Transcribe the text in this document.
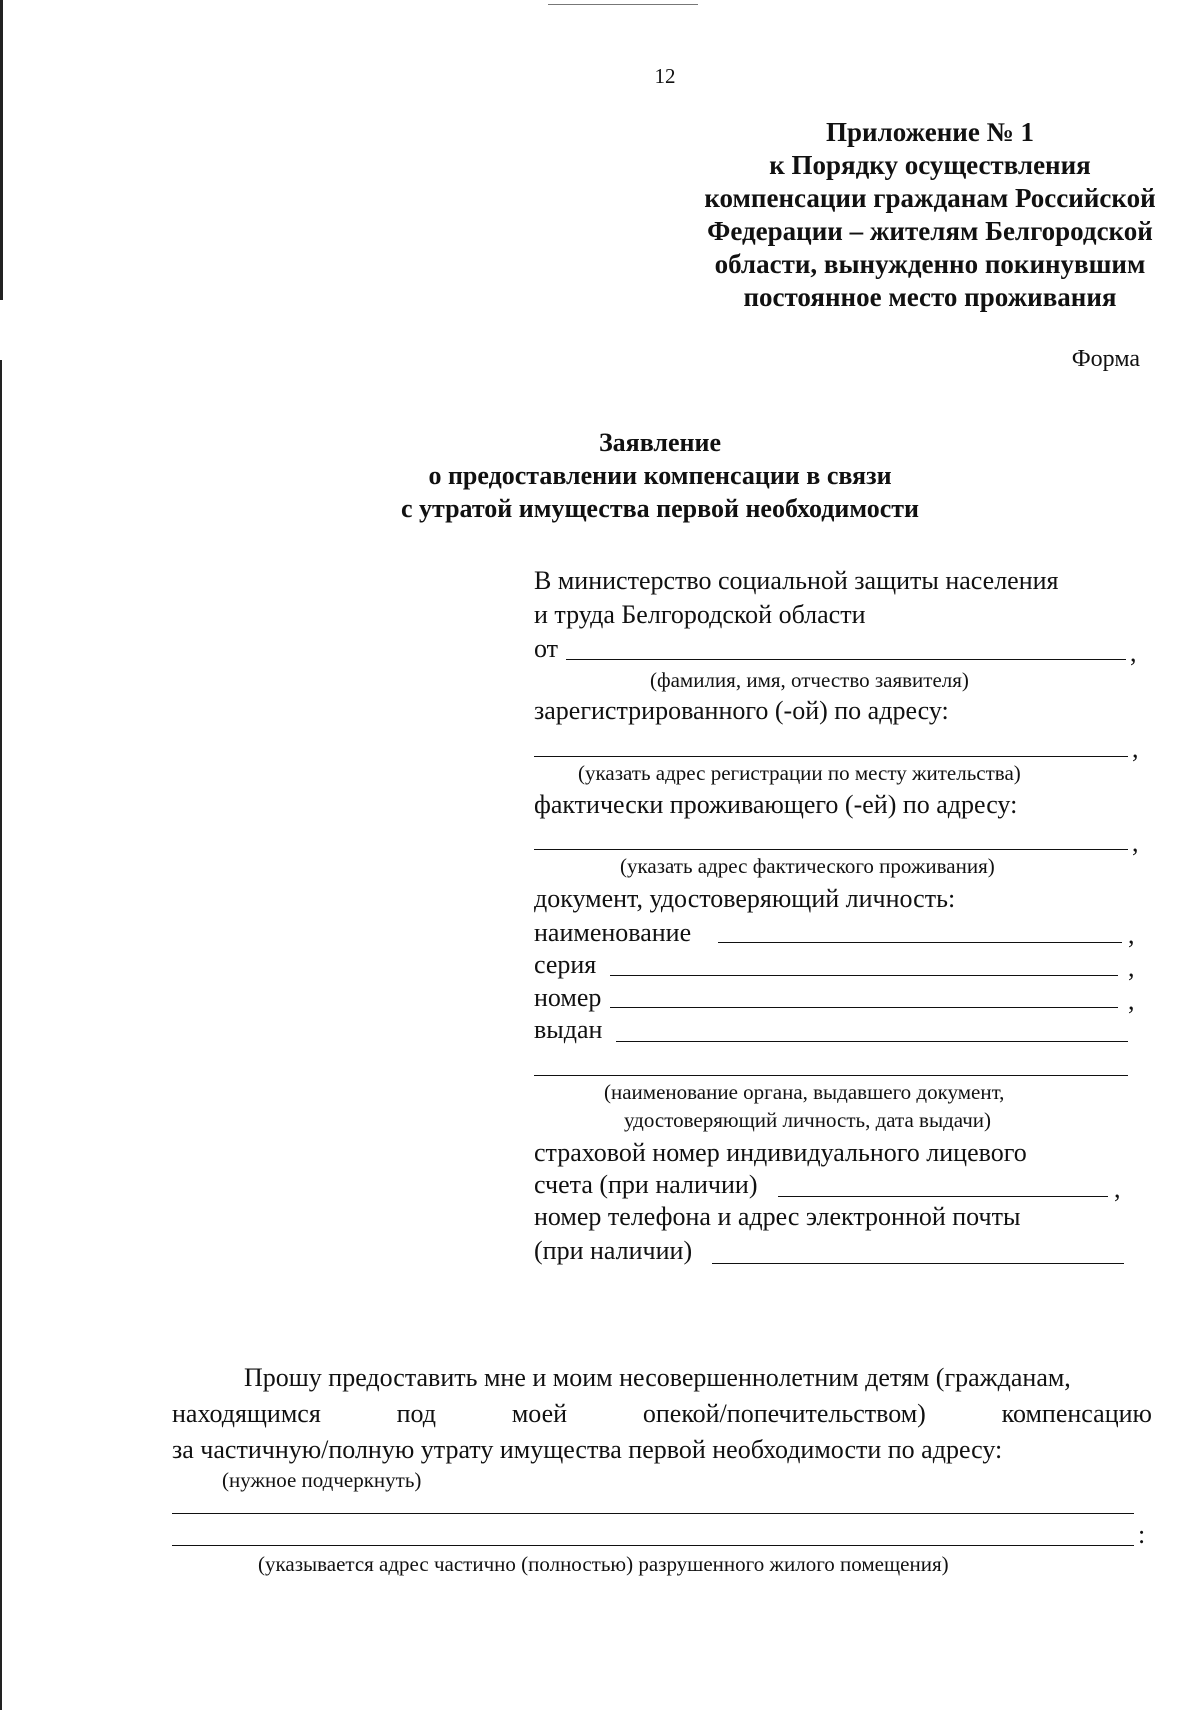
12
Приложение № 1
к Порядку осуществления
компенсации гражданам Российской
Федерации – жителям Белгородской
области, вынужденно покинувшим
постоянное место проживания
Форма
Заявление
о предоставлении компенсации в связи
с утратой имущества первой необходимости
В министерство социальной защиты населения
и труда Белгородской области
от	,
(фамилия, имя, отчество заявителя)
зарегистрированного (-ой) по адресу:
,
(указать адрес регистрации по месту жительства)
фактически проживающего (-ей) по адресу:
,
(указать адрес фактического проживания)
документ, удостоверяющий личность:
наименование	,
серия	,
номер	,
выдан
(наименование органа, выдавшего документ,
удостоверяющий личность, дата выдачи)
страховой номер индивидуального лицевого
счета (при наличии)	,
номер телефона и адрес электронной почты
(при наличии)
Прошу предоставить мне и моим несовершеннолетним детям (гражданам,
находящимся	под	моей	опекой/попечительством)	компенсацию
за частичную/полную утрату имущества первой необходимости по адресу:
(нужное подчеркнуть)
:
(указывается адрес частично (полностью) разрушенного жилого помещения)
